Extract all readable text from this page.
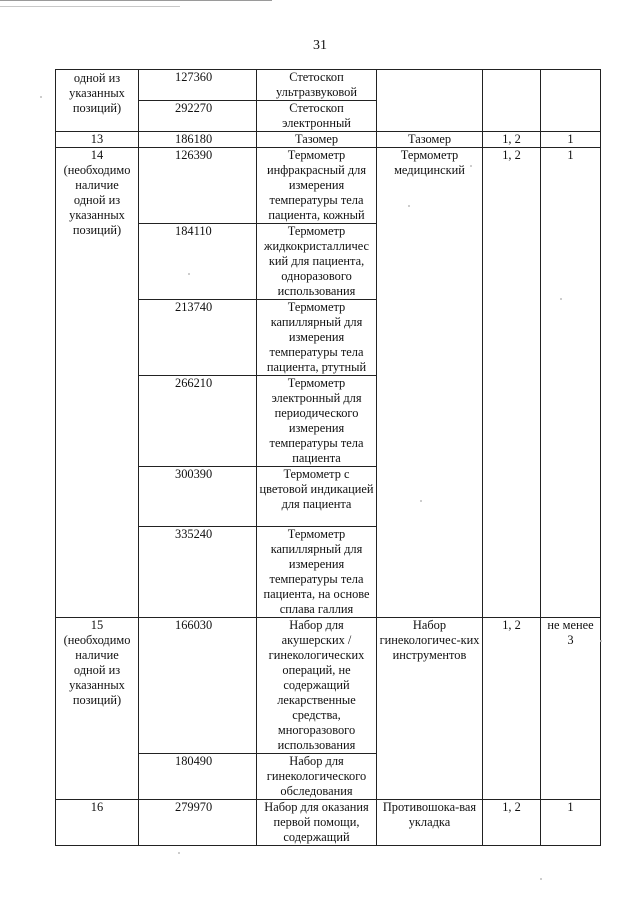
31
одной из указанных позиций)	127360	Стетоскоп ультразвуковой			
	292270	Стетоскоп электронный			
13	186180	Тазомер	Тазомер	1, 2	1
14 (необходимо наличие одной из указанных позиций)	126390	Термометр инфракрасный для измерения температуры тела пациента, кожный	Термометр медицинский	1, 2	1
	184110	Термометр жидкокристалличес кий для пациента, одноразового использования			
	213740	Термометр капиллярный для измерения температуры тела пациента, ртутный			
	266210	Термометр электронный для периодического измерения температуры тела пациента			
	300390	Термометр с цветовой индикацией для пациента			
	335240	Термометр капиллярный для измерения температуры тела пациента, на основе сплава галлия			
15 (необходимо наличие одной из указанных позиций)	166030	Набор для акушерских /гинекологических операций, не содержащий лекарственные средства, многоразового использования	Набор гинекологичес-ких инструментов	1, 2	не менее 3
	180490	Набор для гинекологического обследования			
16	279970	Набор для оказания первой помощи, содержащий	Противошока-вая укладка	1, 2	1
